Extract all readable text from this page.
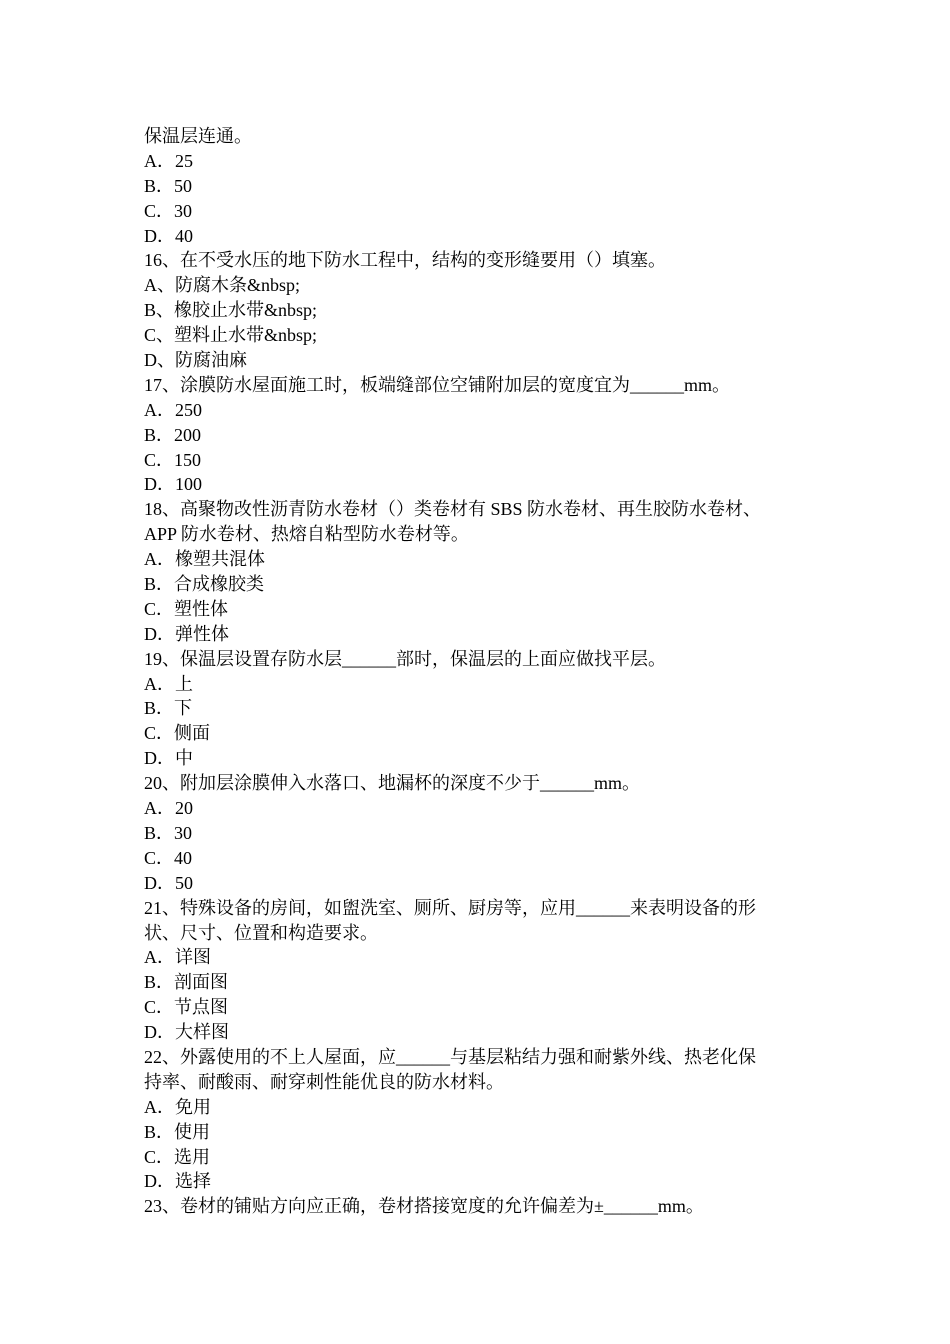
保温层连通。
A．25
B．50
C．30
D．40
16、在不受水压的地下防水工程中，结构的变形缝要用（）填塞。
A、防腐木条&nbsp;
B、橡胶止水带&nbsp;
C、塑料止水带&nbsp;
D、防腐油麻
17、涂膜防水屋面施工时，板端缝部位空铺附加层的宽度宜为______mm。
A．250
B．200
C．150
D．100
18、高聚物改性沥青防水卷材（）类卷材有 SBS 防水卷材、再生胶防水卷材、
APP 防水卷材、热熔自粘型防水卷材等。
A．橡塑共混体
B．合成橡胶类
C．塑性体
D．弹性体
19、保温层设置存防水层______部时，保温层的上面应做找平层。
A．上
B．下
C．侧面
D．中
20、附加层涂膜伸入水落口、地漏杯的深度不少于______mm。
A．20
B．30
C．40
D．50
21、特殊设备的房间，如盥洗室、厕所、厨房等，应用______来表明设备的形
状、尺寸、位置和构造要求。
A．详图
B．剖面图
C．节点图
D．大样图
22、外露使用的不上人屋面，应______与基层粘结力强和耐紫外线、热老化保
持率、耐酸雨、耐穿刺性能优良的防水材料。
A．免用
B．使用
C．选用
D．选择
23、卷材的铺贴方向应正确，卷材搭接宽度的允许偏差为±______mm。
